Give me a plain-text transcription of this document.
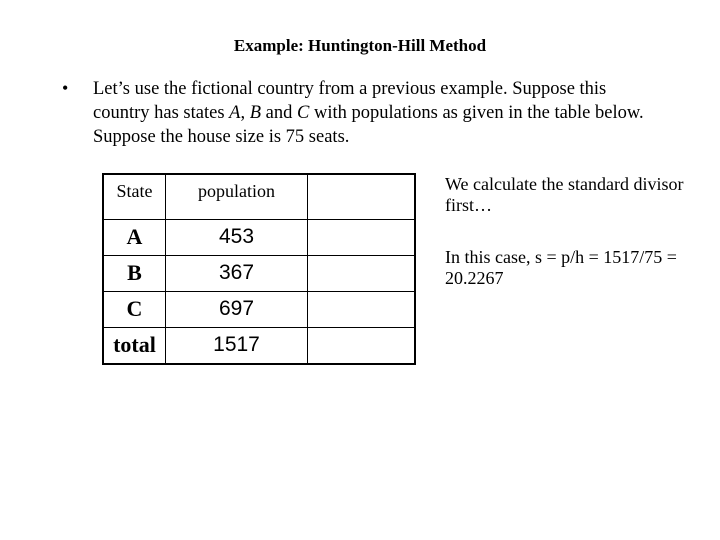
Example: Huntington-Hill Method
• Let’s use the fictional country from a previous example. Suppose this country has states A, B and C with populations as given in the table below. Suppose the house size is 75 seats.
State	population	
A	453	
B	367	
C	697	
total	1517	
We calculate the standard divisor first…
In this case, s = p/h = 1517/75 = 20.2267
